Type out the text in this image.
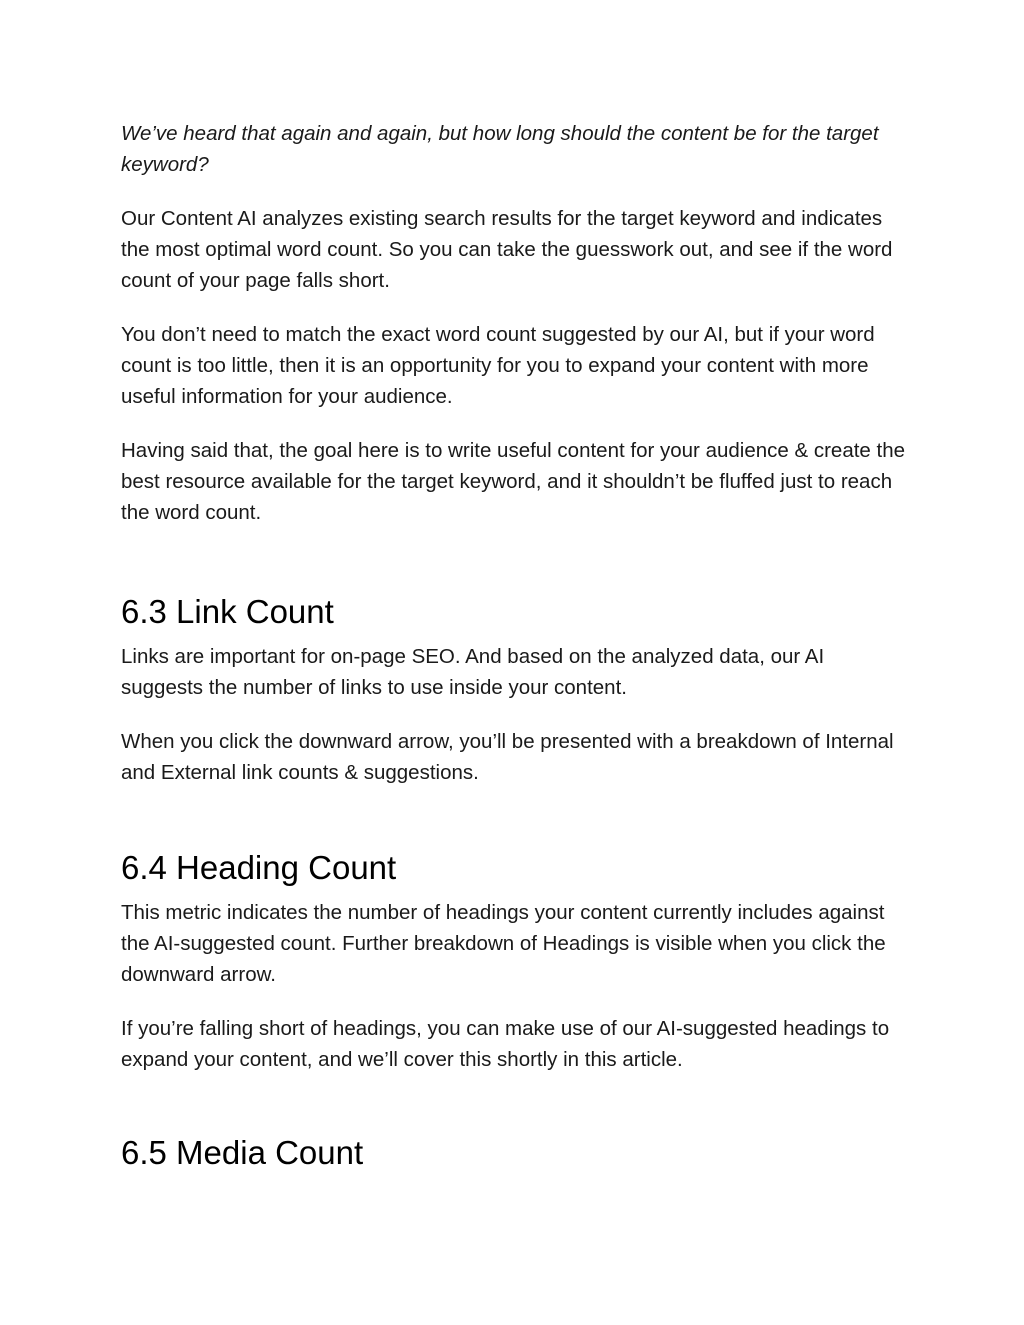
We’ve heard that again and again, but how long should the content be for the target keyword?

Our Content AI analyzes existing search results for the target keyword and indicates the most optimal word count. So you can take the guesswork out, and see if the word count of your page falls short.

You don’t need to match the exact word count suggested by our AI, but if your word count is too little, then it is an opportunity for you to expand your content with more useful information for your audience.

Having said that, the goal here is to write useful content for your audience & create the best resource available for the target keyword, and it shouldn’t be fluffed just to reach the word count.

6.3 Link Count

Links are important for on-page SEO. And based on the analyzed data, our AI suggests the number of links to use inside your content.

When you click the downward arrow, you’ll be presented with a breakdown of Internal and External link counts & suggestions.

6.4 Heading Count

This metric indicates the number of headings your content currently includes against the AI-suggested count. Further breakdown of Headings is visible when you click the downward arrow.

If you’re falling short of headings, you can make use of our AI-suggested headings to expand your content, and we’ll cover this shortly in this article.

6.5 Media Count
